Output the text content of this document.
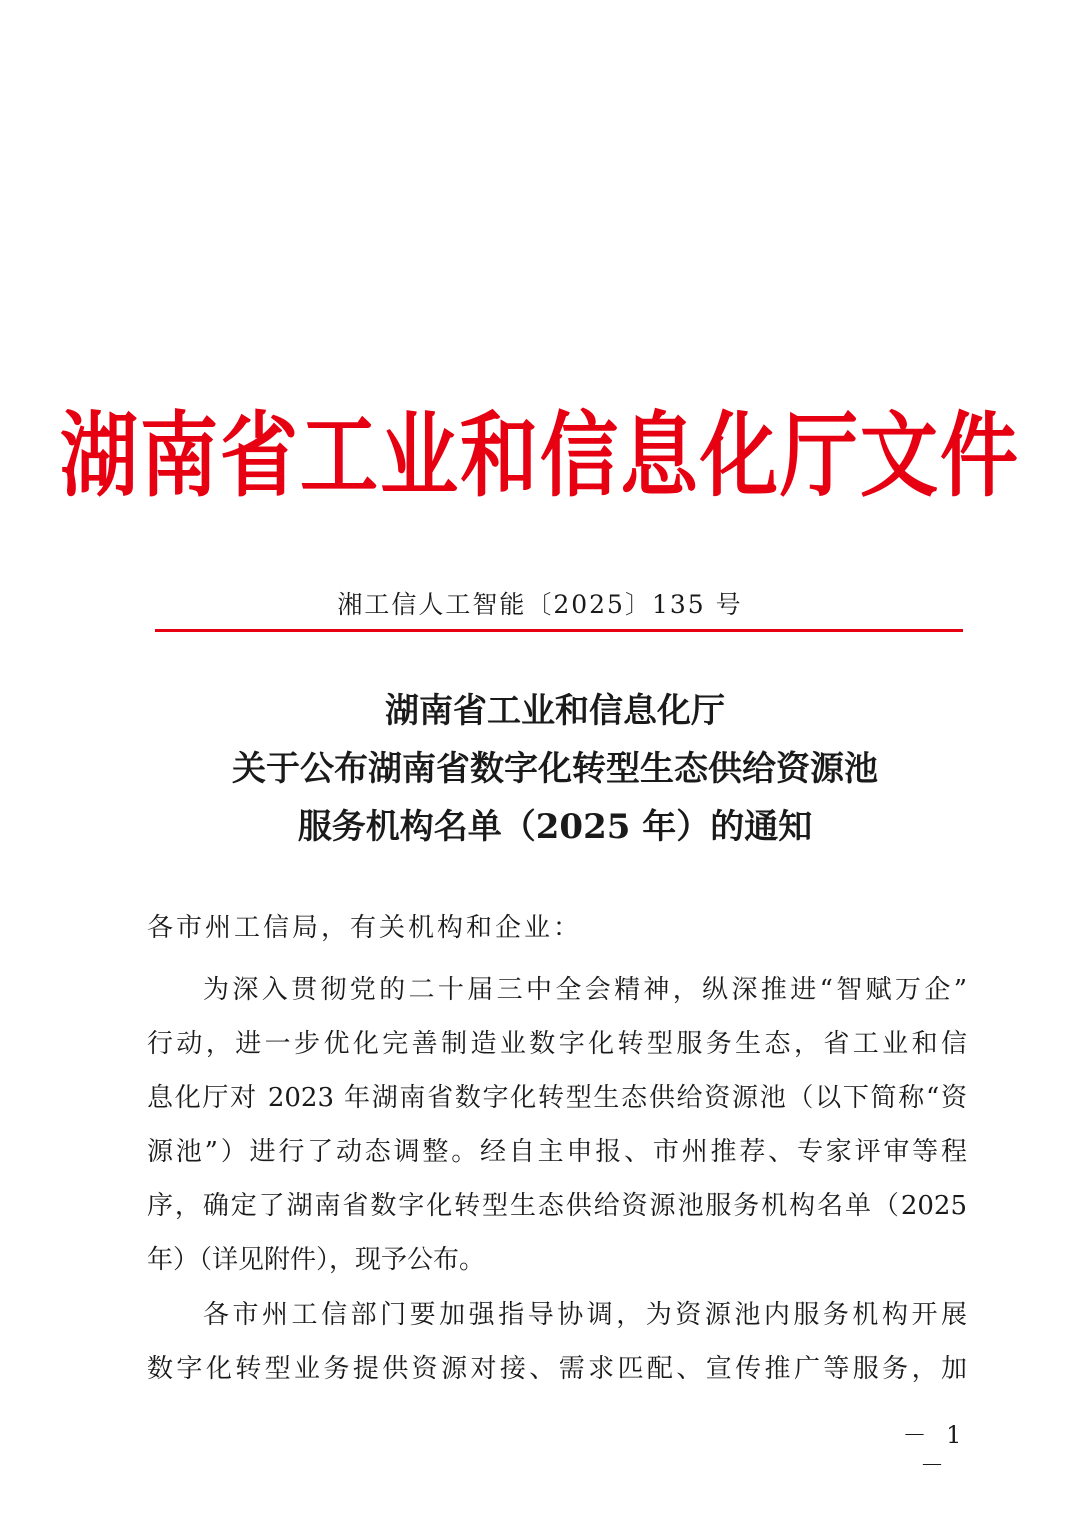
湖南省工业和信息化厅文件
湘工信人工智能〔2025〕135 号
湖南省工业和信息化厅
关于公布湖南省数字化转型生态供给资源池
服务机构名单（2025 年）的通知
各市州工信局，有关机构和企业：
为深入贯彻党的二十届三中全会精神，纵深推进“智赋万企”
行动，进一步优化完善制造业数字化转型服务生态，省工业和信
息化厅对 2023 年湖南省数字化转型生态供给资源池（以下简称“资
源池”）进行了动态调整。经自主申报、市州推荐、专家评审等程
序，确定了湖南省数字化转型生态供给资源池服务机构名单（2025
年）（详见附件），现予公布。
各市州工信部门要加强指导协调，为资源池内服务机构开展
数字化转型业务提供资源对接、需求匹配、宣传推广等服务，加
－ 1 －
